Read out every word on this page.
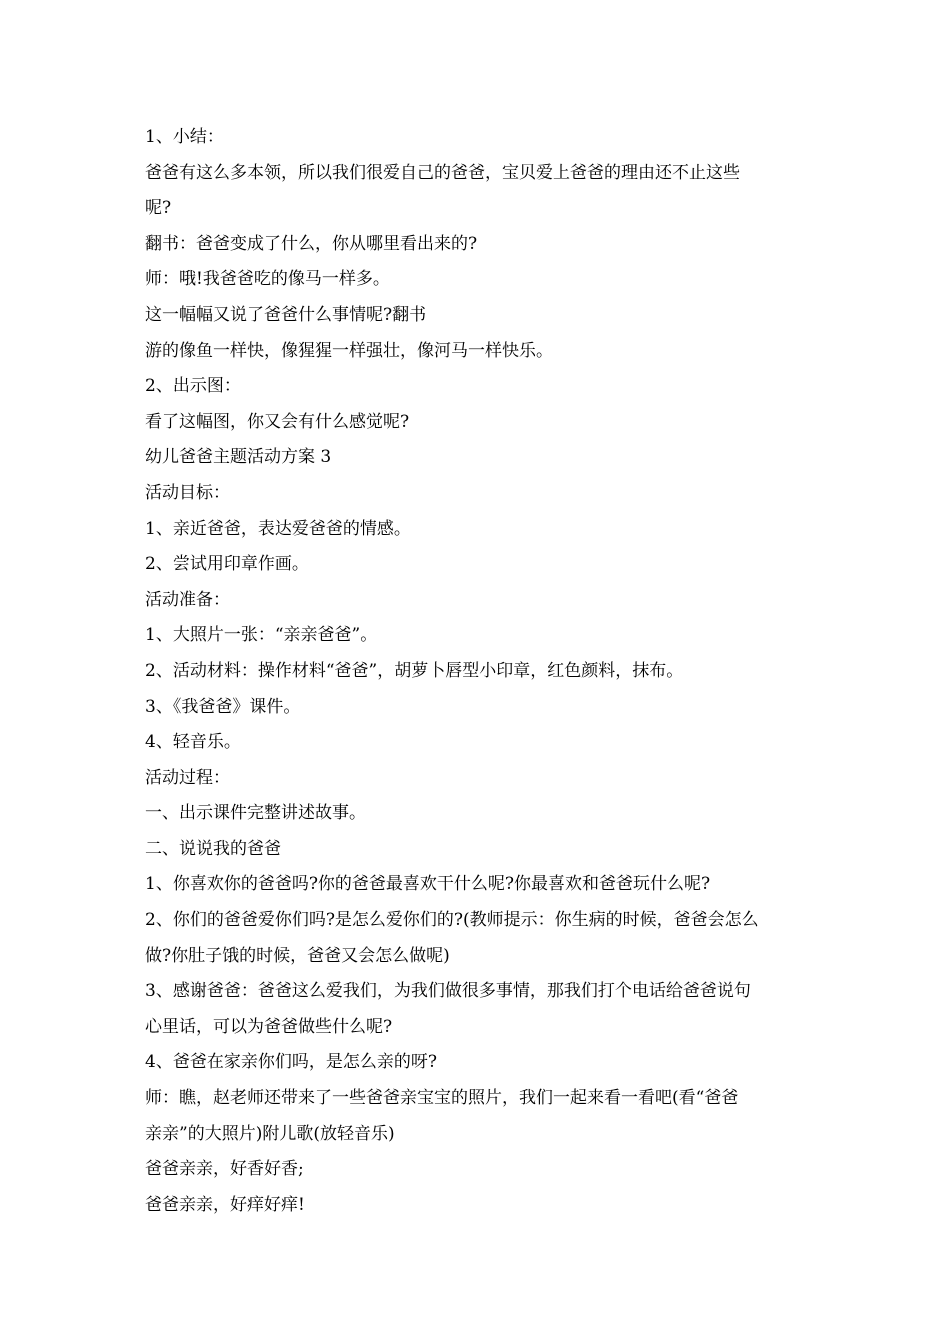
1、小结：
爸爸有这么多本领，所以我们很爱自己的爸爸，宝贝爱上爸爸的理由还不止这些
呢?
翻书：爸爸变成了什么，你从哪里看出来的?
师：哦!我爸爸吃的像马一样多。
这一幅幅又说了爸爸什么事情呢?翻书
游的像鱼一样快，像猩猩一样强壮，像河马一样快乐。
2、出示图：
看了这幅图，你又会有什么感觉呢?
幼儿爸爸主题活动方案 3
活动目标：
1、亲近爸爸，表达爱爸爸的情感。
2、尝试用印章作画。
活动准备：
1、大照片一张：“亲亲爸爸”。
2、活动材料：操作材料“爸爸”，胡萝卜唇型小印章，红色颜料，抹布。
3、《我爸爸》课件。
4、轻音乐。
活动过程：
一、出示课件完整讲述故事。
二、说说我的爸爸
1、你喜欢你的爸爸吗?你的爸爸最喜欢干什么呢?你最喜欢和爸爸玩什么呢?
2、你们的爸爸爱你们吗?是怎么爱你们的?(教师提示：你生病的时候，爸爸会怎么
做?你肚子饿的时候，爸爸又会怎么做呢)
3、感谢爸爸：爸爸这么爱我们，为我们做很多事情，那我们打个电话给爸爸说句
心里话，可以为爸爸做些什么呢?
4、爸爸在家亲你们吗，是怎么亲的呀?
师：瞧，赵老师还带来了一些爸爸亲宝宝的照片，我们一起来看一看吧(看“爸爸
亲亲”的大照片)附儿歌(放轻音乐)
爸爸亲亲，好香好香;
爸爸亲亲，好痒好痒!
